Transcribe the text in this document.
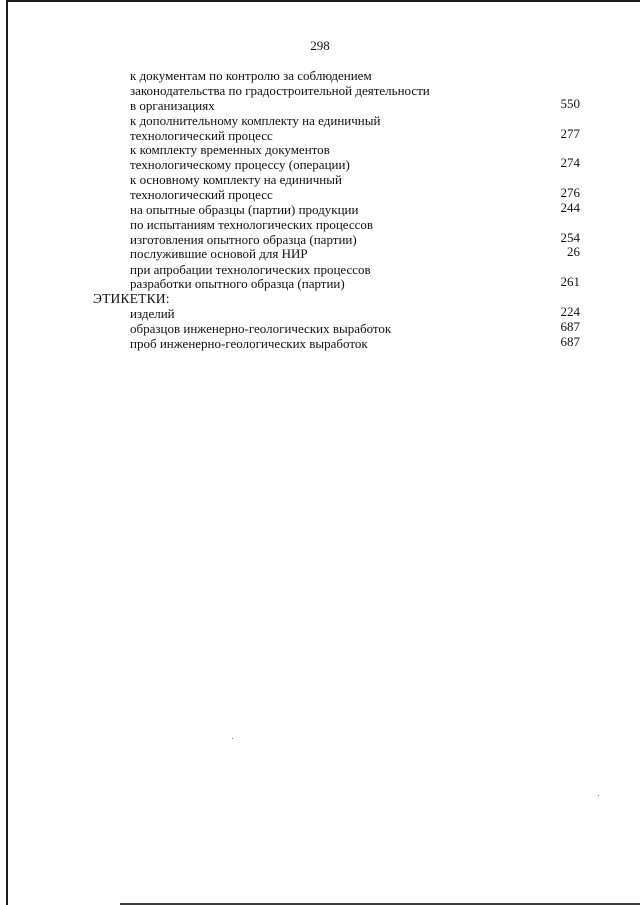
298
к документам по контролю за соблюдением
законодательства по градостроительной деятельности
в организациях
к дополнительному комплекту на единичный
технологический процесс
к комплекту временных документов
технологическому процессу (операции)
к основному комплекту на единичный
технологический процесс
на опытные образцы (партии) продукции
по испытаниям технологических процессов
изготовления опытного образца (партии)
послужившие основой для НИР
при апробации технологических процессов
разработки опытного образца (партии)
ЭТИКЕТКИ:
изделий
образцов инженерно-геологических выработок
проб инженерно-геологических выработок
550
277
274
276
244
254
26
261
224
687
687
